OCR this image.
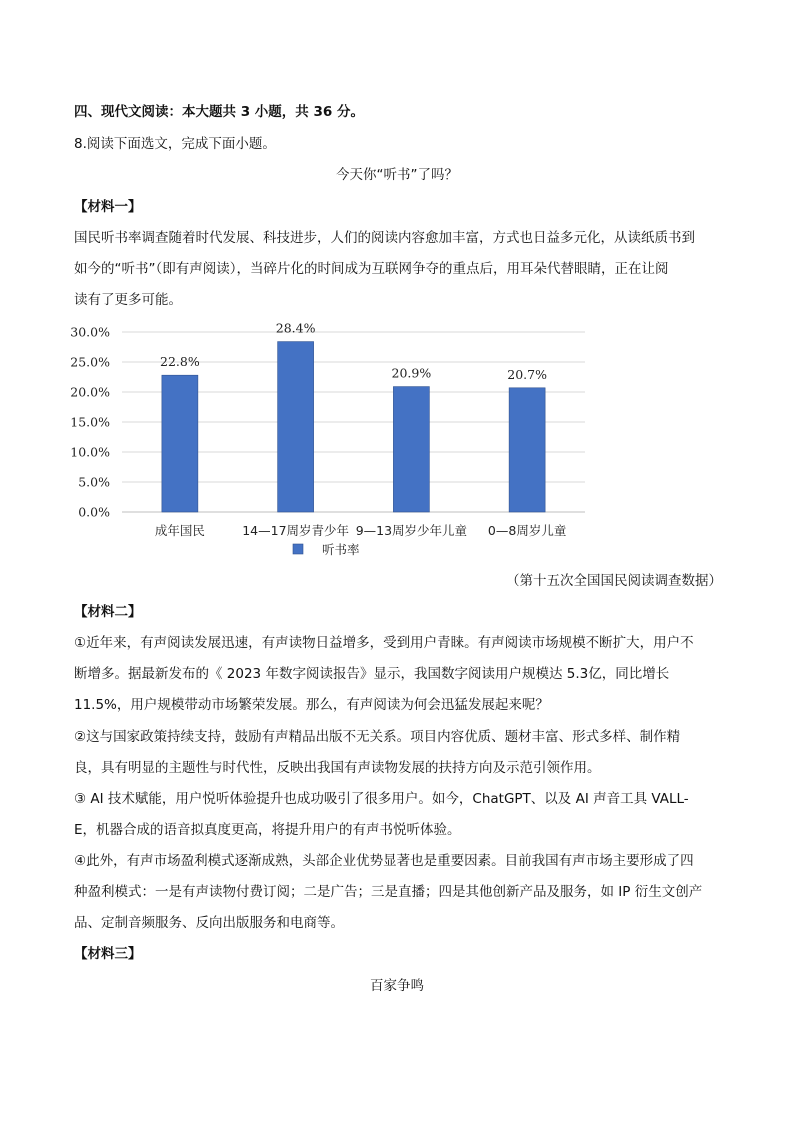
四、现代文阅读：本大题共 3 小题，共 36 分。
8.阅读下面选文，完成下面小题。
今天你“听书”了吗？
【材料一】
国民听书率调查随着时代发展、科技进步，人们的阅读内容愈加丰富，方式也日益多元化，从读纸质书到
如今的“听书”（即有声阅读），当碎片化的时间成为互联网争夺的重点后，用耳朵代替眼睛，正在让阅
读有了更多可能。
0.0%
5.0%
10.0%
15.0%
20.0%
25.0%
30.0%
22.8%
28.4%
20.9%	20.7%
成年国民	14—17周岁青少年 9—13周岁少年儿童 0—8周岁儿童
听书率
（第十五次全国国民阅读调查数据）
【材料二】
①近年来，有声阅读发展迅速，有声读物日益增多，受到用户青睐。有声阅读市场规模不断扩大，用户不
断增多。据最新发布的《 2023 年数字阅读报告》显示，我国数字阅读用户规模达 5.3亿，同比增长
11.5%，用户规模带动市场繁荣发展。那么，有声阅读为何会迅猛发展起来呢？
②这与国家政策持续支持，鼓励有声精品出版不无关系。项目内容优质、题材丰富、形式多样、制作精
良，具有明显的主题性与时代性，反映出我国有声读物发展的扶持方向及示范引领作用。
③ AI 技术赋能，用户悦听体验提升也成功吸引了很多用户。如今，ChatGPT、以及 AI 声音工具 VALL-
E，机器合成的语音拟真度更高，将提升用户的有声书悦听体验。
④此外，有声市场盈利模式逐渐成熟，头部企业优势显著也是重要因素。目前我国有声市场主要形成了四
种盈利模式：一是有声读物付费订阅；二是广告；三是直播；四是其他创新产品及服务，如 IP 衍生文创产
品、定制音频服务、反向出版服务和电商等。
【材料三】
百家争鸣
